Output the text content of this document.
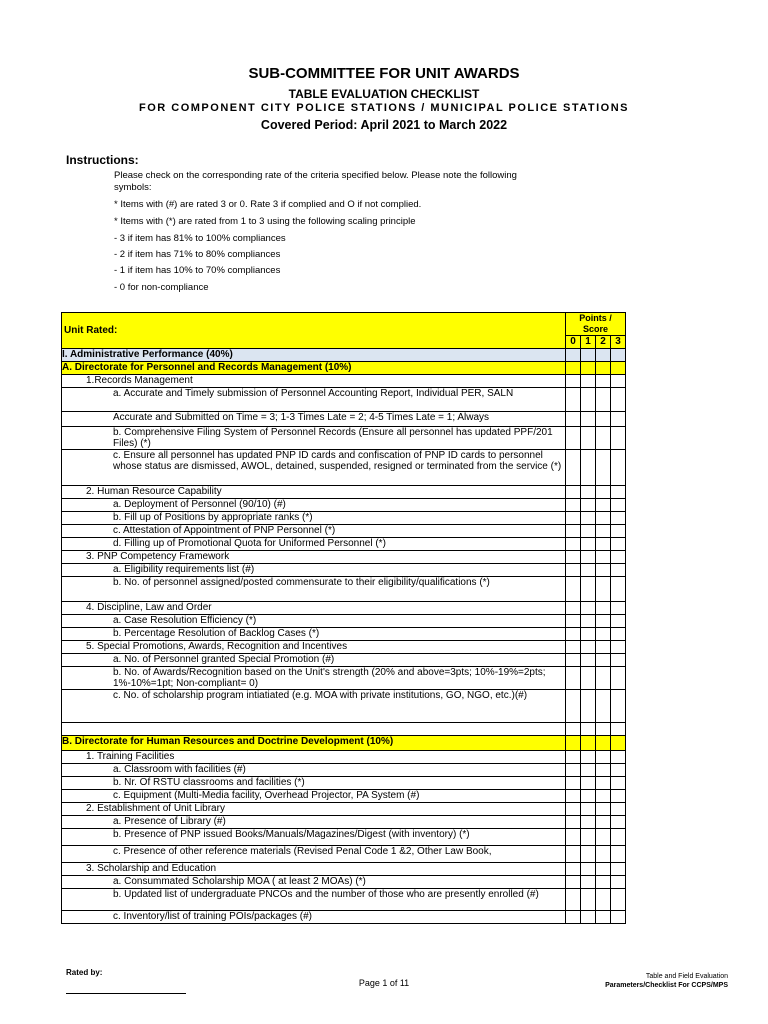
SUB-COMMITTEE FOR UNIT AWARDS
TABLE EVALUATION CHECKLIST
FOR COMPONENT CITY POLICE STATIONS / MUNICIPAL POLICE STATIONS
Covered Period: April 2021 to March 2022
Instructions:
Please check on the corresponding rate of the criteria specified below. Please note the following symbols:
* Items with (#) are rated 3 or 0. Rate 3 if complied and O if not complied.
* Items with (*) are rated from 1 to 3 using the following scaling principle
- 3 if item has 81% to 100% compliances
- 2 if item has 71% to 80% compliances
- 1 if item has 10% to 70% compliances
- 0 for non-compliance
Unit Rated:	Points / Score			
	0	1	2	3
I. Administrative Performance (40%)				
A. Directorate for Personnel and Records Management (10%)				
1.Records Management				
a. Accurate and Timely submission of Personnel Accounting Report, Individual PER, SALN				
Accurate and Submitted on Time = 3; 1-3 Times Late = 2; 4-5 Times Late = 1; Always				
b. Comprehensive Filing System of Personnel Records (Ensure all personnel has updated PPF/201 Files) (*)				
c. Ensure all personnel has updated PNP ID cards and confiscation of PNP ID cards to personnel whose status are dismissed, AWOL, detained, suspended, resigned or terminated from the service (*)				
2. Human Resource Capability				
a. Deployment of Personnel (90/10) (#)				
b. Fill up of Positions by appropriate ranks (*)				
c. Attestation of Appointment of PNP Personnel (*)				
d. Filling up of Promotional Quota for Uniformed Personnel (*)				
3. PNP Competency Framework				
a. Eligibility requirements list (#)				
b. No. of personnel assigned/posted commensurate to their eligibility/qualifications (*)				
4. Discipline, Law and Order				
a. Case Resolution Efficiency (*)				
b. Percentage Resolution of Backlog Cases (*)				
5. Special Promotions, Awards, Recognition and Incentives				
a. No. of Personnel granted Special Promotion (#)				
b. No. of Awards/Recognition based on the Unit's strength (20% and above=3pts; 10%-19%=2pts; 1%-10%=1pt; Non-compliant= 0)				
c. No. of scholarship program intiatiated (e.g. MOA with private institutions, GO, NGO, etc.)(#)				

B. Directorate for Human Resources and Doctrine Development (10%)				
1. Training Facilities				
a. Classroom with facilities (#)				
b. Nr. Of RSTU classrooms and facilities (*)				
c. Equipment (Multi-Media facility, Overhead Projector, PA System (#)				
2. Establishment of Unit Library				
a. Presence of Library (#)				
b. Presence of PNP issued Books/Manuals/Magazines/Digest (with inventory) (*)				
c. Presence of other reference materials (Revised Penal Code 1 &2, Other Law Book,				
3. Scholarship and Education				
a. Consummated Scholarship MOA ( at least 2 MOAs) (*)				
b. Updated list of undergraduate PNCOs and the number of those who are presently enrolled (#)				
c. Inventory/list of training POIs/packages (#)				
Rated by:
Page 1 of 11
Table and Field Evaluation
Parameters/Checklist For CCPS/MPS
